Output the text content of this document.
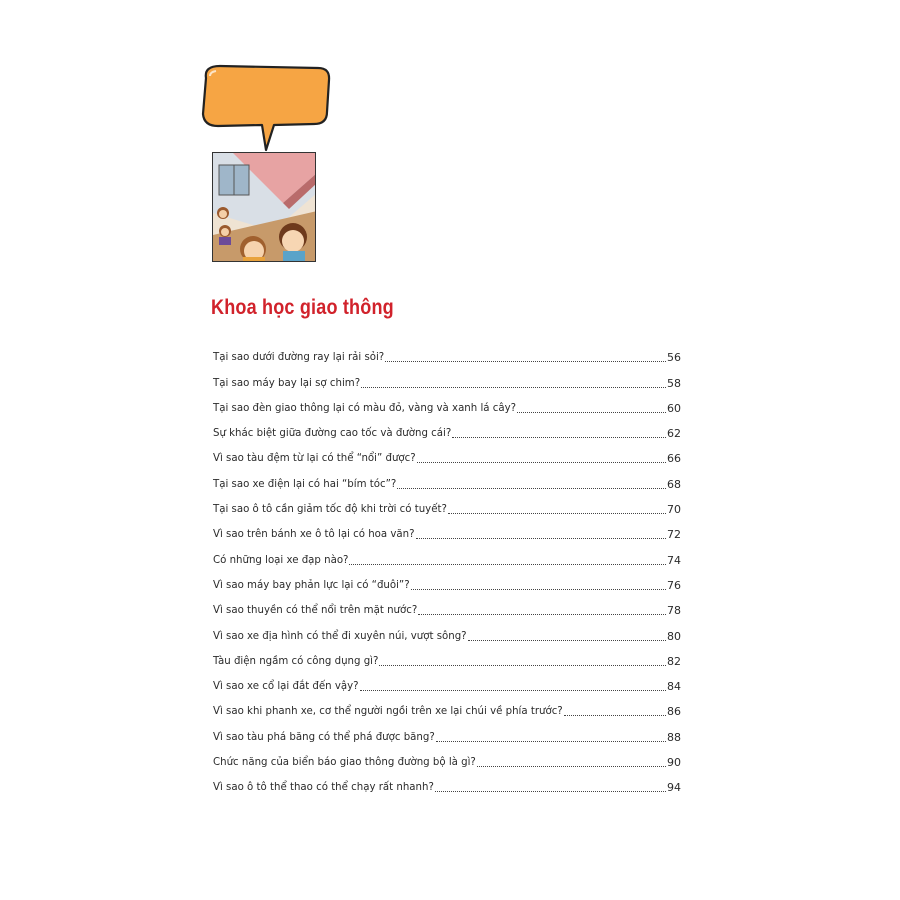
Khoa học giao thông
Tại sao dưới đường ray lại rải sỏi?	56
Tại sao máy bay lại sợ chim?	58
Tại sao đèn giao thông lại có màu đỏ, vàng và xanh lá cây?	60
Sự khác biệt giữa đường cao tốc và đường cái?	62
Vì sao tàu đệm từ lại có thể “nổi” được?	66
Tại sao xe điện lại có hai “bím tóc”?	68
Tại sao ô tô cần giảm tốc độ khi trời có tuyết?	70
Vì sao trên bánh xe ô tô lại có hoa văn?	72
Có những loại xe đạp nào?	74
Vì sao máy bay phản lực lại có “đuôi”?	76
Vì sao thuyền có thể nổi trên mặt nước?	78
Vì sao xe địa hình có thể đi xuyên núi, vượt sông?	80
Tàu điện ngầm có công dụng gì?	82
Vì sao xe cổ lại đắt đến vậy?	84
Vì sao khi phanh xe, cơ thể người ngồi trên xe lại chúi về phía trước?	86
Vì sao tàu phá băng có thể phá được băng?	88
Chức năng của biển báo giao thông đường bộ là gì?	90
Vì sao ô tô thể thao có thể chạy rất nhanh?	94
